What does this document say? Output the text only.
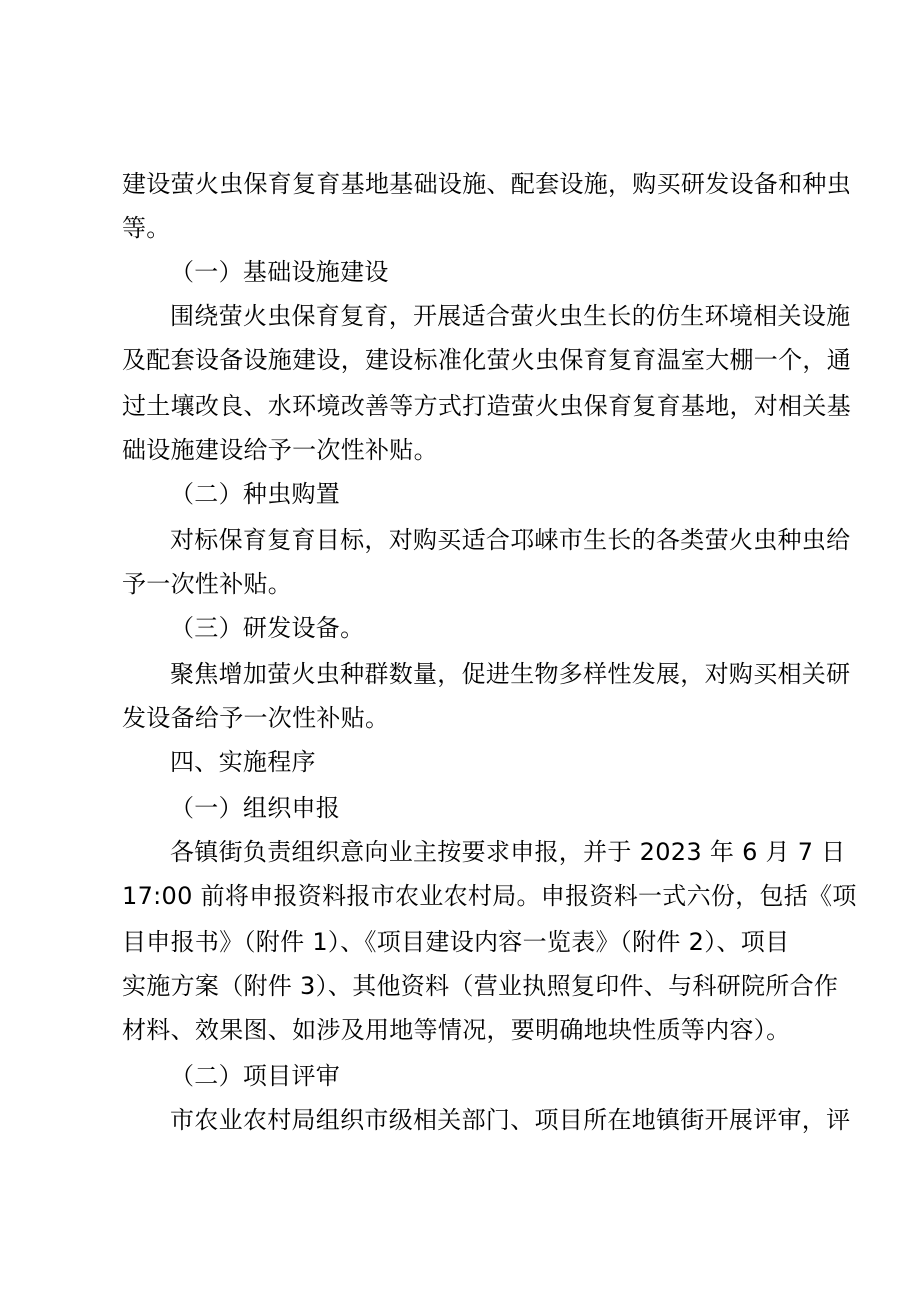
建设萤火虫保育复育基地基础设施、配套设施，购买研发设备和种虫
等。
（一）基础设施建设
围绕萤火虫保育复育，开展适合萤火虫生长的仿生环境相关设施
及配套设备设施建设，建设标准化萤火虫保育复育温室大棚一个，通
过土壤改良、水环境改善等方式打造萤火虫保育复育基地，对相关基
础设施建设给予一次性补贴。
（二）种虫购置
对标保育复育目标，对购买适合邛崃市生长的各类萤火虫种虫给
予一次性补贴。
（三）研发设备。
聚焦增加萤火虫种群数量，促进生物多样性发展，对购买相关研
发设备给予一次性补贴。
四、实施程序
（一）组织申报
各镇街负责组织意向业主按要求申报，并于 2023 年 6 月 7 日
17:00 前将申报资料报市农业农村局。申报资料一式六份，包括《项
目申报书》（附件 1）、《项目建设内容一览表》（附件 2）、项目
实施方案（附件 3）、其他资料（营业执照复印件、与科研院所合作
材料、效果图、如涉及用地等情况，要明确地块性质等内容）。
（二）项目评审
市农业农村局组织市级相关部门、项目所在地镇街开展评审，评
